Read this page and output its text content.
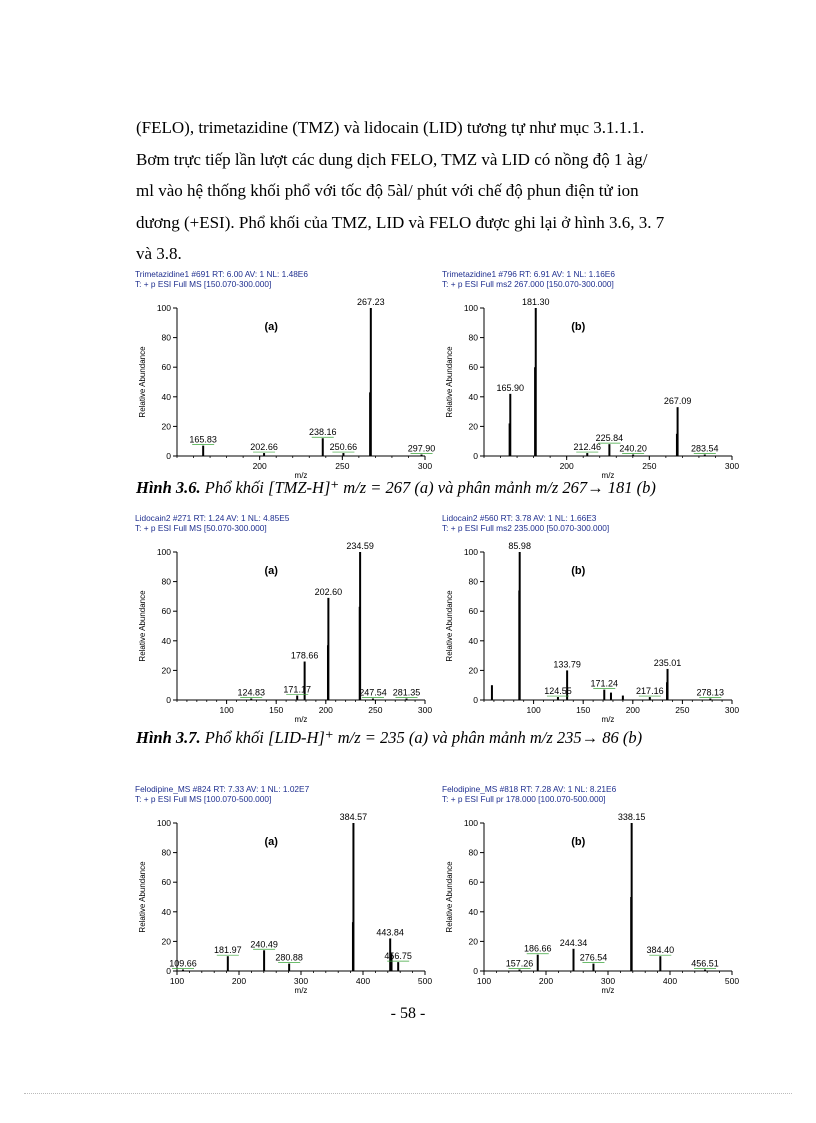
(FELO), trimetazidine (TMZ) và lidocain (LID) tương tự như mục 3.1.1.1.

Bơm trực tiếp lần lượt các dung dịch FELO, TMZ và LID có nồng độ 1 àg/

ml vào hệ thống khối phổ với tốc độ 5àl/ phút với chế độ phun điện tử ion

dương (+ESI). Phổ khối của TMZ, LID và FELO được ghi lại ở hình 3.6, 3. 7

và 3.8.

Trimetazidine1 #691 RT: 6.00 AV: 1 NL: 1.48E6
T: + p ESI Full MS [150.070-300.000]
0
20
40
60
80
100
200	250	300
Relative Abundance
m/z
165.83
202.66
238.16
250.66
267.23
297.90
(a)
Trimetazidine1 #796 RT: 6.91 AV: 1 NL: 1.16E6
T: + p ESI Full ms2 267.000 [150.070-300.000]
0
20
40
60
80
100
200	250	300
Relative Abundance
m/z
165.90
181.30
212.46
225.84
240.20
267.09
283.54
(b)
Hình 3.6. Phổ khối [TMZ-H]⁺ m/z = 267 (a) và phân mảnh m/z 267→ 181 (b)
Lidocain2 #271 RT: 1.24 AV: 1 NL: 4.85E5
T: + p ESI Full MS [50.070-300.000]
0
20
40
60
80
100
100	150	200	250	300
Relative Abundance
m/z
124.83 171.17
178.66
202.60
234.59
247.54 281.35
(a)
Lidocain2 #560 RT: 3.78 AV: 1 NL: 1.66E3
T: + p ESI Full ms2 235.000 [50.070-300.000]
0
20
40
60
80
100
100	150	200	250	300
Relative Abundance
m/z
85.98
124.55
133.79
171.24
217.16
235.01
278.13
(b)
Hình 3.7. Phổ khối [LID-H]⁺ m/z = 235 (a) và phân mảnh m/z 235→ 86 (b)
Felodipine_MS #824 RT: 7.33 AV: 1 NL: 1.02E7
T: + p ESI Full MS [100.070-500.000]
0
20
40
60
80
100
100	200	300	400	500
Relative Abundance
m/z
109.66
181.97
240.49
280.88
384.57
443.84
456.75
(a)
Felodipine_MS #818 RT: 7.28 AV: 1 NL: 8.21E6
T: + p ESI Full pr 178.000 [100.070-500.000]
0
20
40
60
80
100
100	200	300	400	500
Relative Abundance
m/z
157.26
186.66
244.34
276.54
338.15
384.40
456.51
(b)
- 58 -
